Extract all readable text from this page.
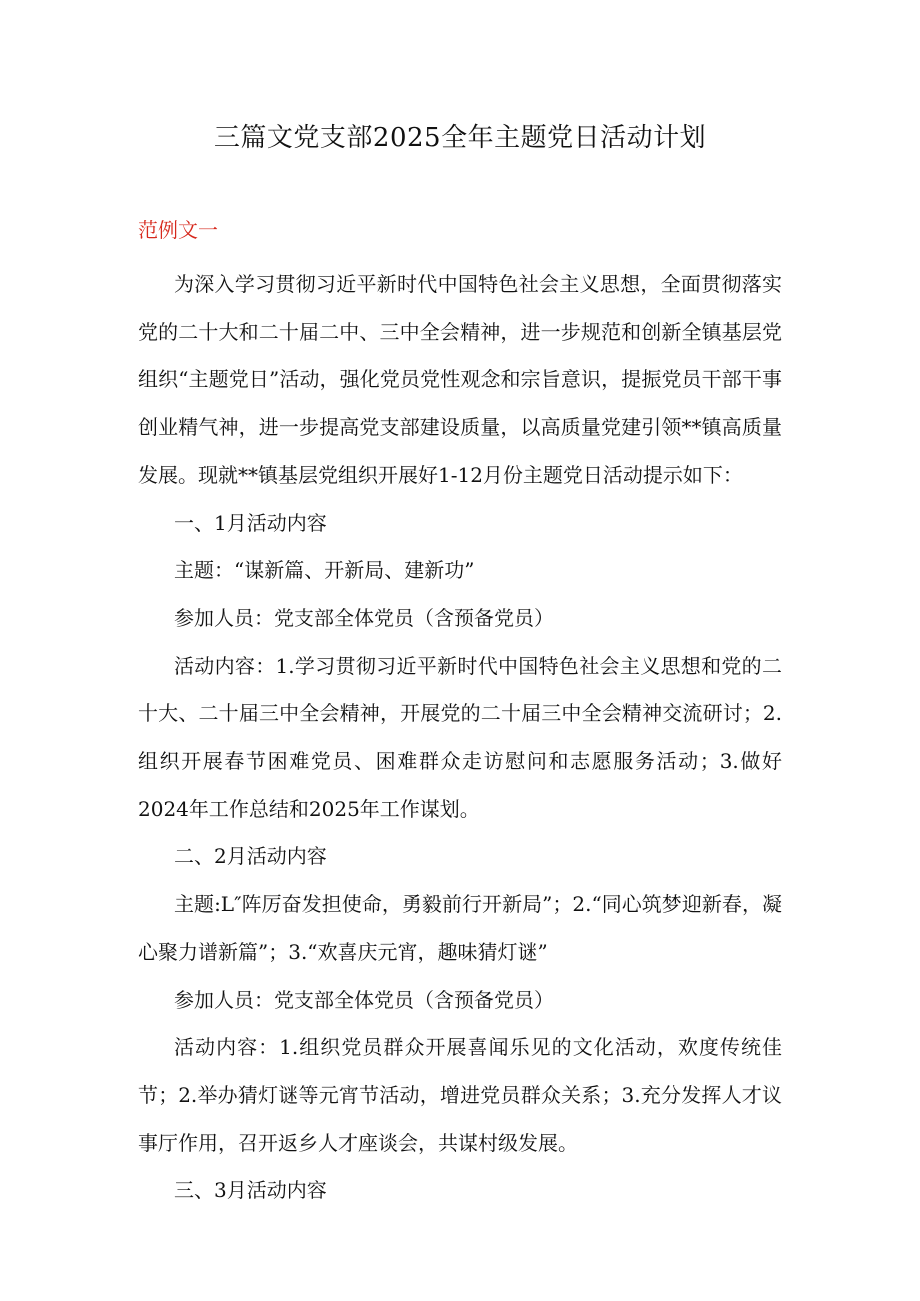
三篇文党支部2025全年主题党日活动计划

范例文一

为深入学习贯彻习近平新时代中国特色社会主义思想，全面贯彻落实党的二十大和二十届二中、三中全会精神，进一步规范和创新全镇基层党组织“主题党日”活动，强化党员党性观念和宗旨意识，提振党员干部干事创业精气神，进一步提高党支部建设质量，以高质量党建引领**镇高质量发展。现就**镇基层党组织开展好1-12月份主题党日活动提示如下：

一、1月活动内容

主题：“谋新篇、开新局、建新功”

参加人员：党支部全体党员（含预备党员）

活动内容：1.学习贯彻习近平新时代中国特色社会主义思想和党的二十大、二十届三中全会精神，开展党的二十届三中全会精神交流研讨；2.组织开展春节困难党员、困难群众走访慰问和志愿服务活动；3.做好2024年工作总结和2025年工作谋划。

二、2月活动内容

主题:L″阵厉奋发担使命，勇毅前行开新局”；2.“同心筑梦迎新春，凝心聚力谱新篇”；3.“欢喜庆元宵，趣味猜灯谜”

参加人员：党支部全体党员（含预备党员）

活动内容：1.组织党员群众开展喜闻乐见的文化活动，欢度传统佳节；2.举办猜灯谜等元宵节活动，增进党员群众关系；3.充分发挥人才议事厅作用，召开返乡人才座谈会，共谋村级发展。

三、3月活动内容
